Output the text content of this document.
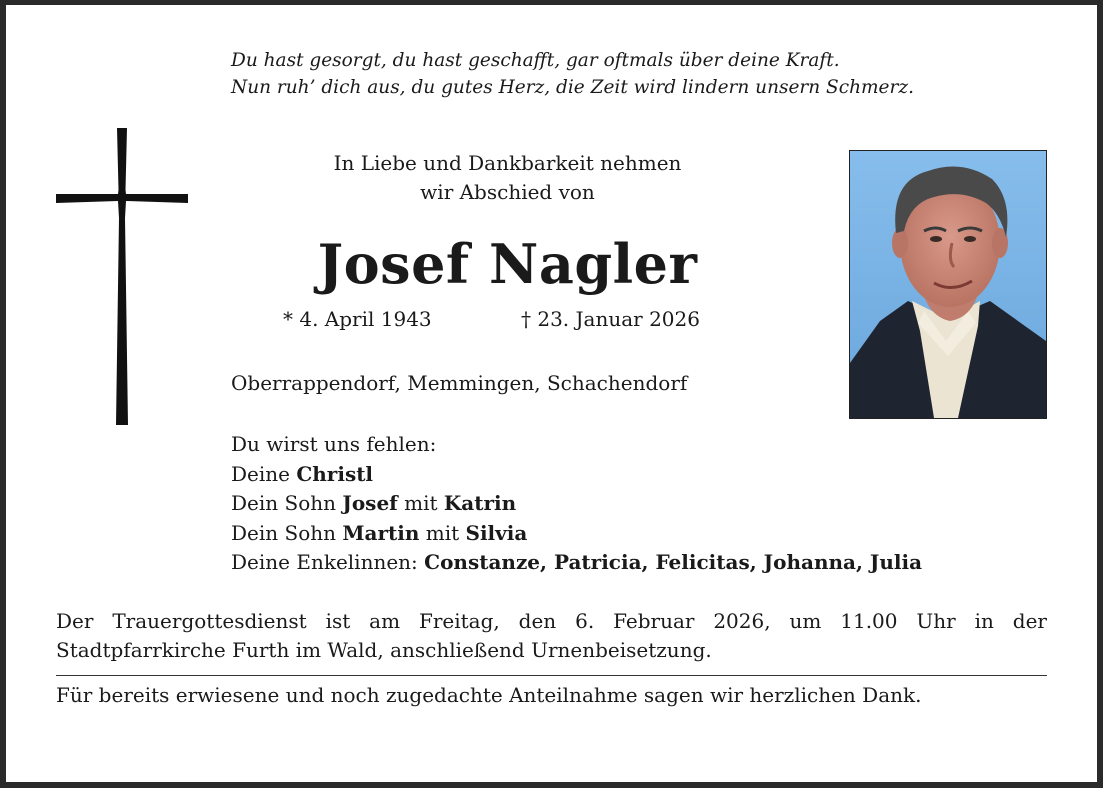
Du hast gesorgt, du hast geschafft, gar oftmals über deine Kraft.
Nun ruh’ dich aus, du gutes Herz, die Zeit wird lindern unsern Schmerz.

In Liebe und Dankbarkeit nehmen
wir Abschied von

Josef Nagler
* 4. April 1943	† 23. Januar 2026

Oberrappendorf, Memmingen, Schachendorf

Du wirst uns fehlen:
Deine Christl
Dein Sohn Josef mit Katrin
Dein Sohn Martin mit Silvia
Deine Enkelinnen: Constanze, Patricia, Felicitas, Johanna, Julia

Der Trauergottesdienst ist am Freitag, den 6. Februar 2026, um 11.00 Uhr in der Stadtpfarrkirche Furth im Wald, anschließend Urnenbeisetzung.

Für bereits erwiesene und noch zugedachte Anteilnahme sagen wir herzlichen Dank.
